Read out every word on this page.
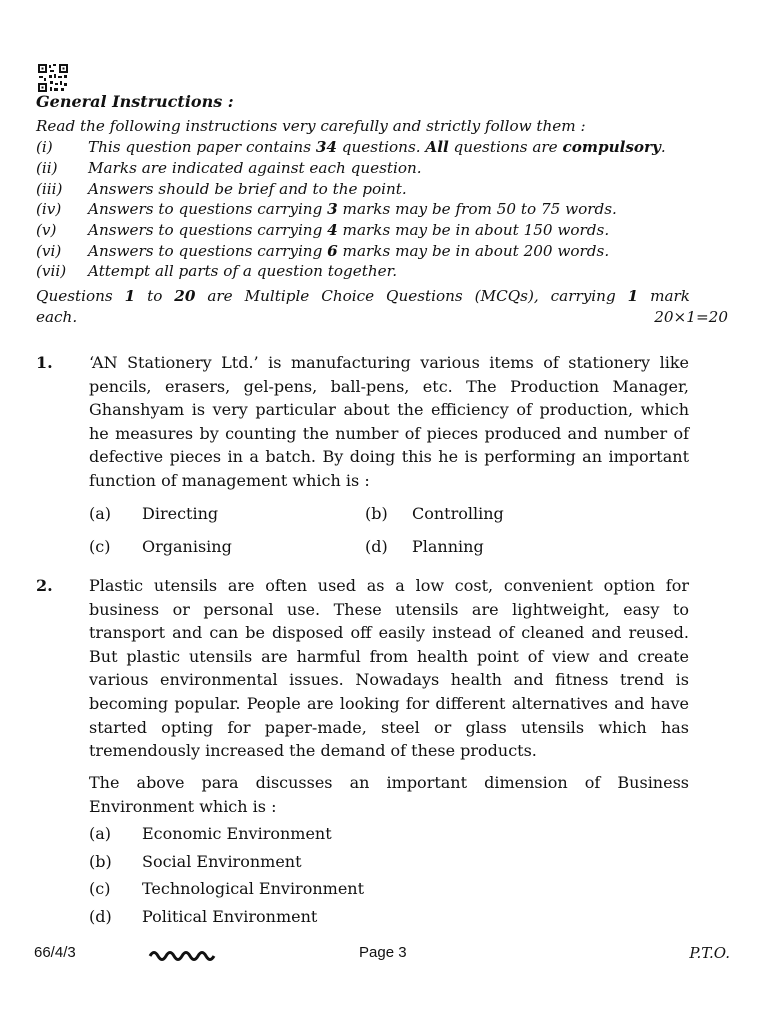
General Instructions :
Read the following instructions very carefully and strictly follow them :
(i) This question paper contains 34 questions. All questions are compulsory.
(ii) Marks are indicated against each question.
(iii) Answers should be brief and to the point.
(iv) Answers to questions carrying 3 marks may be from 50 to 75 words.
(v) Answers to questions carrying 4 marks may be in about 150 words.
(vi) Answers to questions carrying 6 marks may be in about 200 words.
(vii) Attempt all parts of a question together.
Questions 1 to 20 are Multiple Choice Questions (MCQs), carrying 1 mark
each.	20×1=20
1. ‘AN Stationery Ltd.’ is manufacturing various items of stationery like
pencils, erasers, gel-pens, ball-pens, etc. The Production Manager,
Ghanshyam is very particular about the efficiency of production, which
he measures by counting the number of pieces produced and number of
defective pieces in a batch. By doing this he is performing an important
function of management which is :
(a) Directing	(b) Controlling
(c) Organising	(d) Planning
2. Plastic utensils are often used as a low cost, convenient option for
business or personal use. These utensils are lightweight, easy to
transport and can be disposed off easily instead of cleaned and reused.
But plastic utensils are harmful from health point of view and create
various environmental issues. Nowadays health and fitness trend is
becoming popular. People are looking for different alternatives and have
started opting for paper-made, steel or glass utensils which has
tremendously increased the demand of these products.
The above para discusses an important dimension of Business
Environment which is :
(a) Economic Environment
(b) Social Environment
(c) Technological Environment
(d) Political Environment
66/4/3	Page 3	P.T.O.
